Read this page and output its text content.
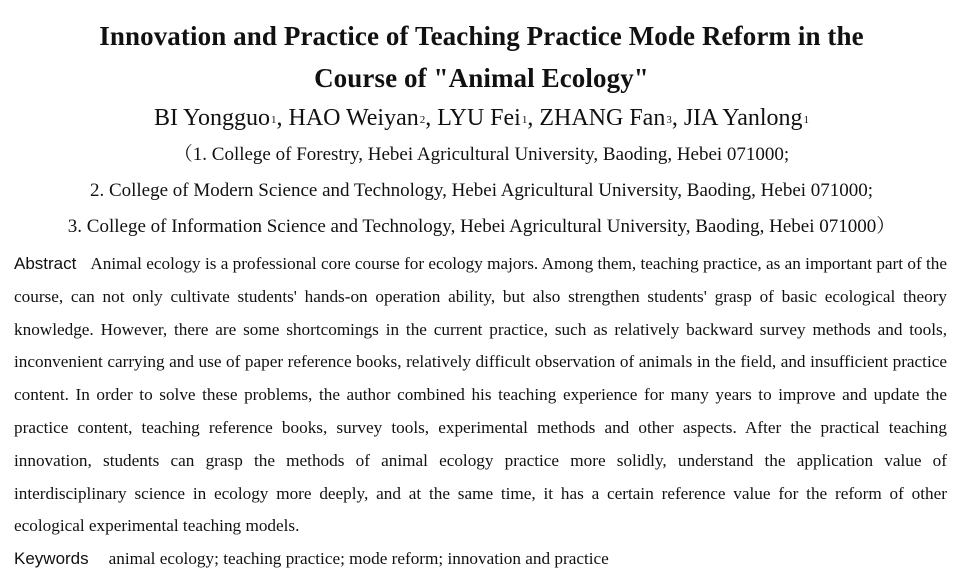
Innovation and Practice of Teaching Practice Mode Reform in the
Course of "Animal Ecology"
BI Yongguo$^1$, HAO Weiyan$^2$, LYU Fei$^1$, ZHANG Fan$^3$, JIA Yanlong$^1$

（1. College of Forestry, Hebei Agricultural University, Baoding, Hebei 071000;

2. College of Modern Science and Technology, Hebei Agricultural University, Baoding, Hebei 071000;

3. College of Information Science and Technology, Hebei Agricultural University, Baoding, Hebei 071000）

Abstract Animal ecology is a professional core course for ecology majors. Among them, teaching practice, as an important part of the course, can not only cultivate students' hands-on operation ability, but also strengthen students' grasp of basic ecological theory knowledge. However, there are some shortcomings in the current practice, such as relatively backward survey methods and tools, inconvenient carrying and use of paper reference books, relatively difficult observation of animals in the field, and insufficient practice content. In order to solve these problems, the author combined his teaching experience for many years to improve and update the practice content, teaching reference books, survey tools, experimental methods and other aspects. After the practical teaching innovation, students can grasp the methods of animal ecology practice more solidly, understand the application value of interdisciplinary science in ecology more deeply, and at the same time, it has a certain reference value for the reform of other ecological experimental teaching models.
Keywords animal ecology; teaching practice; mode reform; innovation and practice
